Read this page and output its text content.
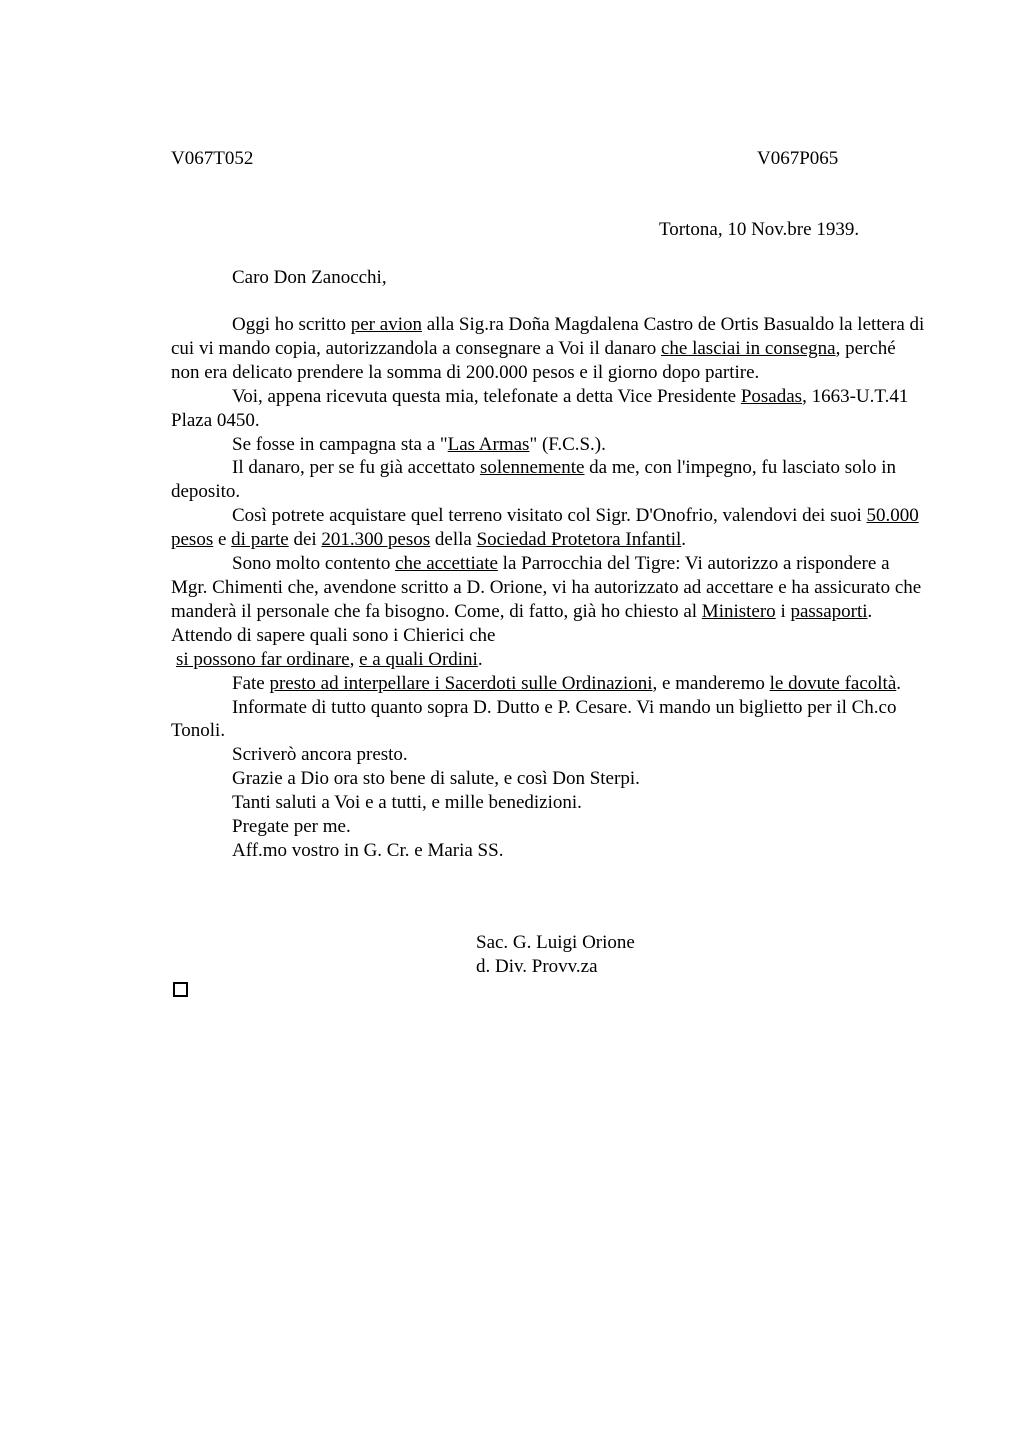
V067T052	V067P065
Tortona, 10 Nov.bre 1939.
Caro Don Zanocchi,

Oggi ho scritto per avion alla Sig.ra Doña Magdalena Castro de Ortis Basualdo la lettera di cui vi mando copia, autorizzandola a consegnare a Voi il danaro che lasciai in consegna, perché non era delicato prendere la somma di 200.000 pesos e il giorno dopo partire.

Voi, appena ricevuta questa mia, telefonate a detta Vice Presidente Posadas, 1663-U.T.41 Plaza 0450.

Se fosse in campagna sta a "Las Armas" (F.C.S.).

Il danaro, per se fu già accettato solennemente da me, con l'impegno, fu lasciato solo in deposito.

Così potrete acquistare quel terreno visitato col Sigr. D'Onofrio, valendovi dei suoi 50.000 pesos e di parte dei 201.300 pesos della Sociedad Protetora Infantil.

Sono molto contento che accettiate la Parrocchia del Tigre: Vi autorizzo a rispondere a Mgr. Chimenti che, avendone scritto a D. Orione, vi ha autorizzato ad accettare e ha assicurato che manderà il personale che fa bisogno. Come, di fatto, già ho chiesto al Ministero i passaporti. Attendo di sapere quali sono i Chierici che
si possono far ordinare, e a quali Ordini.

Fate presto ad interpellare i Sacerdoti sulle Ordinazioni, e manderemo le dovute facoltà.

Informate di tutto quanto sopra D. Dutto e P. Cesare. Vi mando un biglietto per il Ch.co Tonoli.

Scriverò ancora presto.

Grazie a Dio ora sto bene di salute, e così Don Sterpi.

Tanti saluti a Voi e a tutti, e mille benedizioni.

Pregate per me.

Aff.mo vostro in G. Cr. e Maria SS.

Sac. G. Luigi Orione
d. Div. Provv.za
